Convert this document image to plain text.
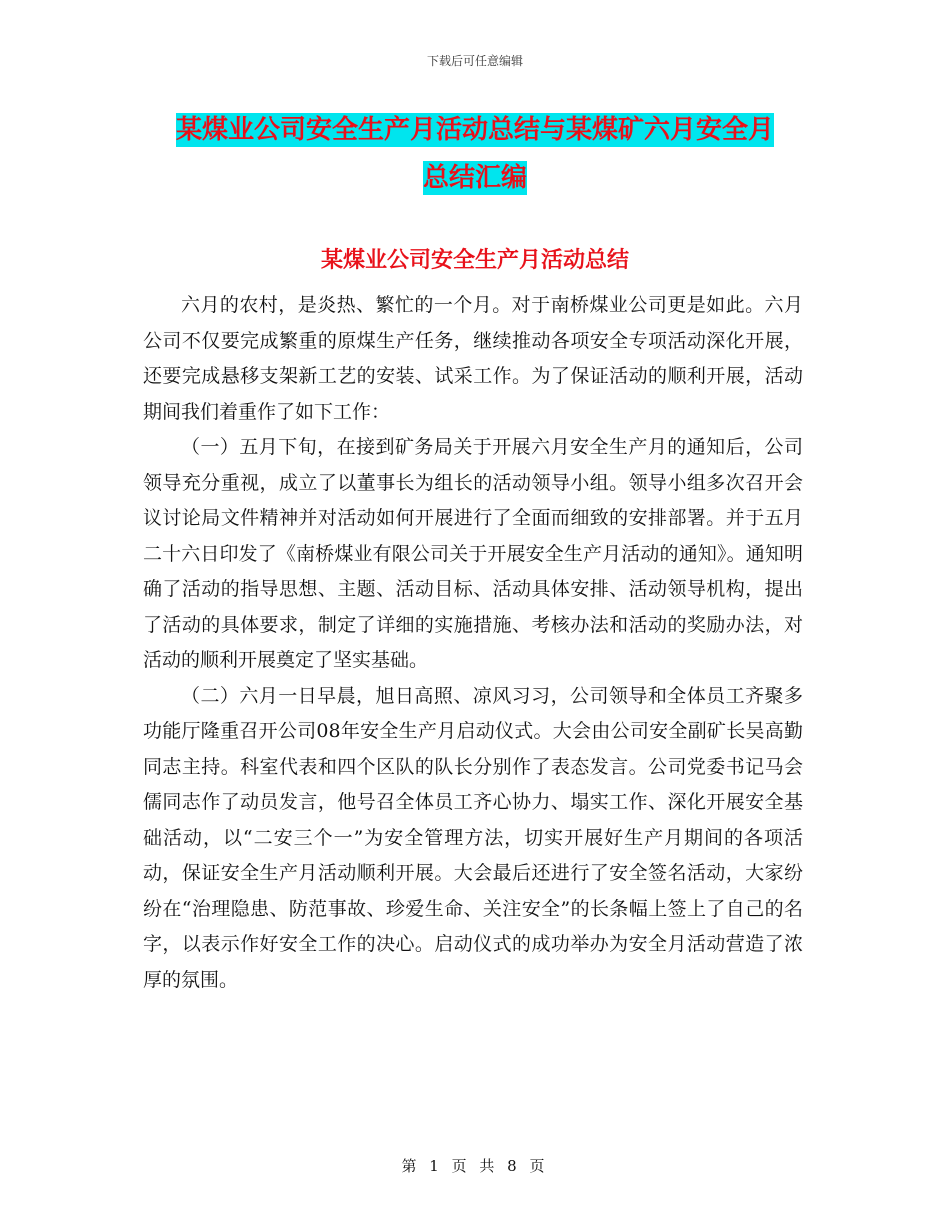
下载后可任意编辑
某煤业公司安全生产月活动总结与某煤矿六月安全月
总结汇编
某煤业公司安全生产月活动总结

六月的农村，是炎热、繁忙的一个月。对于南桥煤业公司更是如此。六月公司不仅要完成繁重的原煤生产任务，继续推动各项安全专项活动深化开展，还要完成悬移支架新工艺的安装、试采工作。为了保证活动的顺利开展，活动期间我们着重作了如下工作：

（一）五月下旬，在接到矿务局关于开展六月安全生产月的通知后，公司领导充分重视，成立了以董事长为组长的活动领导小组。领导小组多次召开会议讨论局文件精神并对活动如何开展进行了全面而细致的安排部署。并于五月二十六日印发了《南桥煤业有限公司关于开展安全生产月活动的通知》。通知明确了活动的指导思想、主题、活动目标、活动具体安排、活动领导机构，提出了活动的具体要求，制定了详细的实施措施、考核办法和活动的奖励办法，对活动的顺利开展奠定了坚实基础。

（二）六月一日早晨，旭日高照、凉风习习，公司领导和全体员工齐聚多功能厅隆重召开公司08年安全生产月启动仪式。大会由公司安全副矿长吴高勤同志主持。科室代表和四个区队的队长分别作了表态发言。公司党委书记马会儒同志作了动员发言，他号召全体员工齐心协力、塌实工作、深化开展安全基础活动，以“二安三个一”为安全管理方法，切实开展好生产月期间的各项活动，保证安全生产月活动顺利开展。大会最后还进行了安全签名活动，大家纷纷在“治理隐患、防范事故、珍爱生命、关注安全”的长条幅上签上了自己的名字，以表示作好安全工作的决心。启动仪式的成功举办为安全月活动营造了浓厚的氛围。

第 1 页 共 8 页
